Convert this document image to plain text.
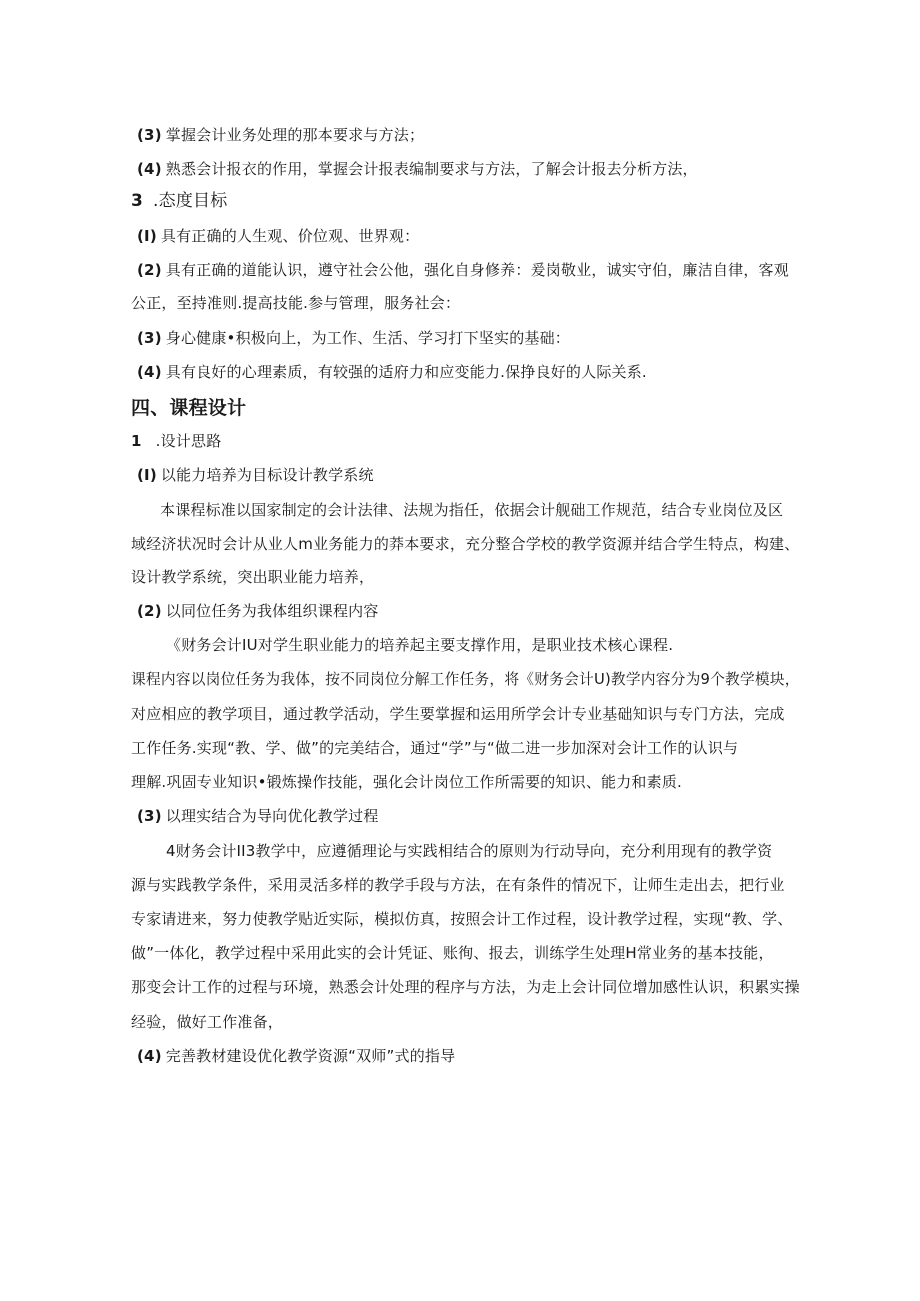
(3) 掌握会计业务处理的那本要求与方法；
(4) 熟悉会计报衣的作用，掌握会计报表编制要求与方法，了解会计报去分析方法，
3 .态度目标
(I) 具有正确的人生观、价位观、世界观：
(2) 具有正确的道能认识，遵守社会公他，强化自身修养：爰岗敬业，诚实守伯，廉洁自律，客观
公正，至持准则.提高技能.参与管理，服务社会：
(3) 身心健康•积极向上，为工作、生活、学习打下坚实的基础：
(4) 具有良好的心理素质，有较强的适府力和应变能力.保挣良好的人际关系.
四、课程设计
1 .设计思路
(I) 以能力培养为目标设计教学系统
本课程标准以国家制定的会计法律、法规为指任，依据会计舰础工作规范，结合专业岗位及区
域经济状况时会计从业人m业务能力的莽本要求，充分整合学校的教学资源并结合学生特点，构建、
设计教学系统，突出职业能力培养，
(2) 以同位任务为我体组织课程内容
《财务会计IU对学生职业能力的培养起主要支撑作用，是职业技术核心课程.
课程内容以岗位任务为我体，按不同岗位分解工作任务，将《财务会计U)教学内容分为9个教学模块，
对应相应的教学项目，通过教学活动，学生要掌握和运用所学会计专业基础知识与专门方法，完成
工作任务.实现“教、学、做”的完美结合，通过“学”与“做二进一步加深对会计工作的认识与
理解.巩固专业知识•锻炼操作技能，强化会计岗位工作所需要的知识、能力和素质.
(3) 以理实结合为导向优化教学过程
4财务会计II3教学中，应遵循理论与实践相结合的原则为行动导向，充分利用现有的教学资
源与实践教学条件，采用灵活多样的教学手段与方法，在有条件的情况下，让师生走出去，把行业
专家请进来，努力使教学贴近实际，模拟仿真，按照会计工作过程，设计教学过程，实现“教、学、
做”一体化，教学过程中采用此实的会计凭证、账徇、报去，训练学生处理H常业务的基本技能，
那变会计工作的过程与环境，熟悉会计处理的程序与方法，为走上会计同位增加感性认识，积累实操
经验，做好工作准备，
(4) 完善教材建设优化教学资源“双师”式的指导
